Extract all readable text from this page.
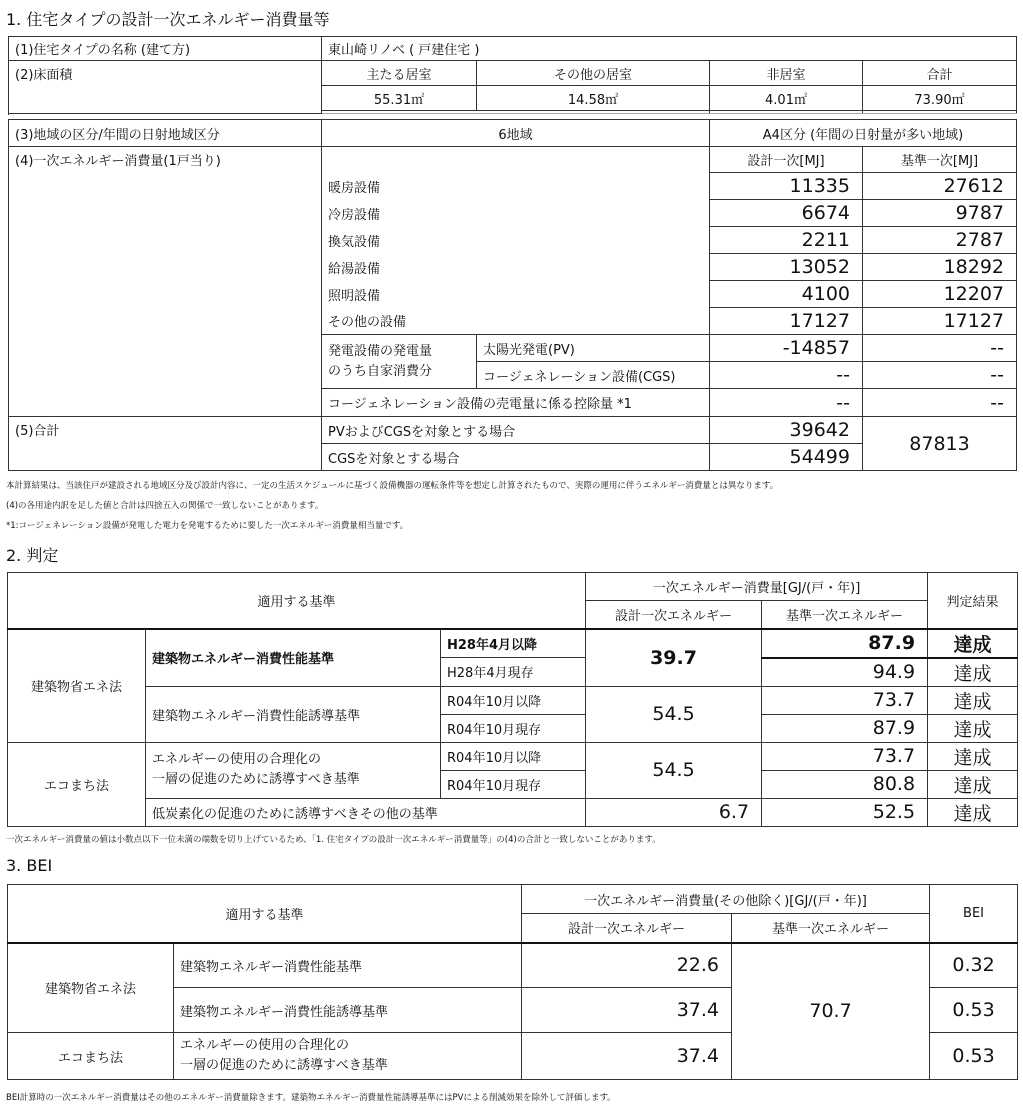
1. 住宅タイプの設計一次エネルギー消費量等
(1)住宅タイプの名称 (建て方)	東山崎リノベ ( 戸建住宅 )		
(2)床面積				主たる居室	その他の居室	非居室	合計
55.31㎡	14.58㎡	4.01㎡	73.90㎡
(3)地域の区分/年間の日射地域区分	6地域		A4区分 (年間の日射量が多い地域)	
(4)一次エネルギー消費量(1戸当り)			設計一次[MJ]	基準一次[MJ]
	暖房設備		11335	27612
	冷房設備		6674	9787
	換気設備		2211	2787
	給湯設備		13052	18292
	照明設備		4100	12207
	その他の設備		17127	17127

	発電設備の発電量
のうち自家消費分	太陽光発電(PV)	-14857	--
		コージェネレーション設備(CGS)	--	--
	コージェネレーション設備の売電量に係る控除量 *1		--	--
(5)合計	PVおよびCGSを対象とする場合		39642	87813
	CGSを対象とする場合		54499	
本計算結果は、当該住戸が建設される地域区分及び設計内容に、一定の生活スケジュールに基づく設備機器の運転条件等を想定し計算されたもので、実際の運用に伴うエネルギー消費量とは異なります。
(4)の各用途内訳を足した値と合計は四捨五入の関係で一致しないことがあります。
*1:コージェネレーション設備が発電した電力を発電するために要した一次エネルギー消費量相当量です。
2. 判定
適用する基準			一次エネルギー消費量[GJ/(戸・年)]		判定結果
			設計一次エネルギー	基準一次エネルギー	
建築物省エネ法	建築物エネルギー消費性能基準	H28年4月以降	39.7	87.9	達成
		H28年4月現存		94.9	達成
	建築物エネルギー消費性能誘導基準	R04年10月以降	54.5	73.7	達成
		R04年10月現存		87.9	達成
エコまち法	エネルギーの使用の合理化の
一層の促進のために誘導すべき基準	R04年10月以降	54.5	73.7	達成
		R04年10月現存		80.8	達成
	低炭素化の促進のために誘導すべきその他の基準		6.7	52.5	達成
一次エネルギー消費量の値は小数点以下一位未満の端数を切り上げているため、「1. 住宅タイプの設計一次エネルギー消費量等」の(4)の合計と一致しないことがあります。
3. BEI
適用する基準		一次エネルギー消費量(その他除く)[GJ/(戸・年)]		BEI
		設計一次エネルギー	基準一次エネルギー	
建築物省エネ法	建築物エネルギー消費性能基準	22.6	70.7	0.32
	建築物エネルギー消費性能誘導基準	37.4		0.53
エコまち法	エネルギーの使用の合理化の
一層の促進のために誘導すべき基準	37.4		0.53
BEI計算時の一次エネルギー消費量はその他のエネルギー消費量除きます。建築物エネルギー消費量性能誘導基準にはPVによる削減効果を除外して評価します。
